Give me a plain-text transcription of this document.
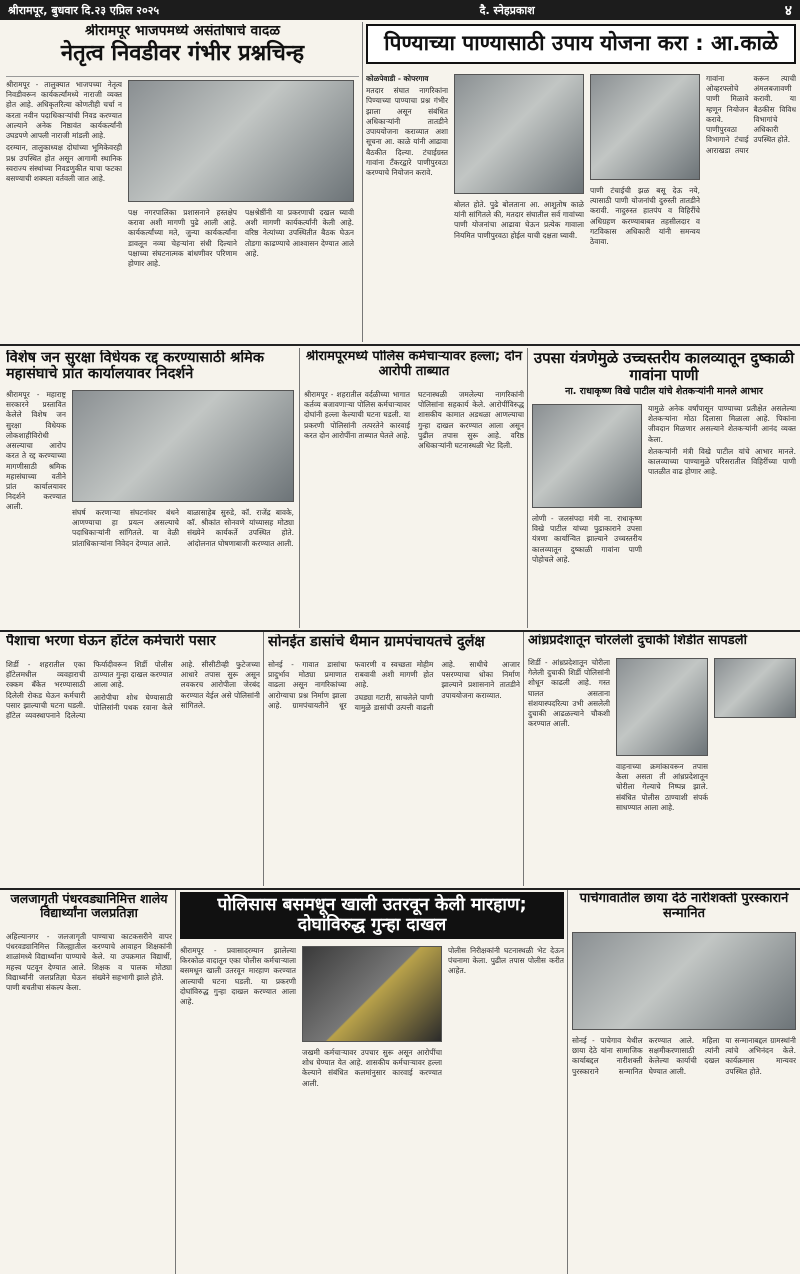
श्रीरामपूर, बुधवार दि.२३ एप्रिल २०२५	दै. स्नेहप्रकाश	४
श्रीरामपूर भाजपमध्ये असंतोषाचे वादळ
नेतृत्व निवडीवर गंभीर प्रश्नचिन्ह

श्रीरामपूर - तालुक्यात भाजपच्या नेतृत्व निवडीवरून कार्यकर्त्यांमध्ये नाराजी व्यक्त होत आहे. अधिकृतरित्या कोणतीही चर्चा न करता नवीन पदाधिकाऱ्यांची निवड करण्यात आल्याने अनेक निष्ठावंत कार्यकर्त्यांनी उघडपणे आपली नाराजी मांडली आहे.

दरम्यान, तालुकाध्यक्ष दोघांच्या भूमिकेवरही प्रश्न उपस्थित होत असून आगामी स्थानिक स्वराज्य संस्थांच्या निवडणुकीत याचा फटका बसण्याची शक्यता वर्तवली जात आहे.

पक्ष नगरपालिका प्रशासनाने हस्तक्षेप करावा अशी मागणी पुढे आली आहे. कार्यकर्त्यांच्या मते, जुन्या कार्यकर्त्यांना डावलून नव्या चेहऱ्यांना संधी दिल्याने पक्षाच्या संघटनात्मक बांधणीवर परिणाम होणार आहे.

पक्षश्रेष्ठींनी या प्रकरणाची दखल घ्यावी अशी मागणी कार्यकर्त्यांनी केली आहे. वरिष्ठ नेत्यांच्या उपस्थितीत बैठक घेऊन तोडगा काढण्याचे आश्वासन देण्यात आले आहे.

पिण्याच्या पाण्यासाठी उपाय योजना करा : आ.काळे

कोळपेवाडी - कोपरगाव

मतदार संघात नागरिकांना पिण्याच्या पाण्याचा प्रश्न गंभीर झाला असून संबंधित अधिकाऱ्यांनी तातडीने उपाययोजना कराव्यात अशा सूचना आ. काळे यांनी आढावा बैठकीत दिल्या. टंचाईग्रस्त गावांना टँकरद्वारे पाणीपुरवठा करण्याचे नियोजन करावे.

बोलत होते. पुढे बोलताना आ. आशुतोष काळे यांनी सांगितले की, मतदार संघातील सर्व गावांच्या पाणी योजनांचा आढावा घेऊन प्रत्येक गावाला नियमित पाणीपुरवठा होईल याची दक्षता घ्यावी.

पाणी टंचाईची झळ बसू देऊ नये, त्यासाठी पाणी योजनांची दुरुस्ती तातडीने करावी. नादुरुस्त हातपंप व विहिरींचे अधिग्रहण करण्याबाबत तहसीलदार व गटविकास अधिकारी यांनी समन्वय ठेवावा.

गावांना ओव्हरफ्लोचे पाणी मिळावे म्हणून नियोजन करावे. पाणीपुरवठा विभागाने टंचाई आराखडा तयार करून त्याची अंमलबजावणी करावी. या बैठकीस विविध विभागांचे अधिकारी उपस्थित होते.

विशेष जन सुरक्षा विधेयक रद्द करण्यासाठी श्रमिक महासंघाचे प्रांत कार्यालयावर निदर्शने

श्रीरामपूर - महाराष्ट्र सरकारने प्रस्तावित केलेले विशेष जन सुरक्षा विधेयक लोकशाहीविरोधी असल्याचा आरोप करत ते रद्द करण्याच्या मागणीसाठी श्रमिक महासंघाच्या वतीने प्रांत कार्यालयावर निदर्शने करण्यात आली.

संघर्ष करणाऱ्या संघटनांवर बंधने आणण्याचा हा प्रयत्न असल्याचे पदाधिकाऱ्यांनी सांगितले. या वेळी प्रांताधिकाऱ्यांना निवेदन देण्यात आले.

बाळासाहेब सुरुडे, कॉ. राजेंद्र बावके, कॉ. श्रीकांत सोनवणे यांच्यासह मोठ्या संख्येने कार्यकर्ते उपस्थित होते. आंदोलनात घोषणाबाजी करण्यात आली.

श्रीरामपूरमध्ये पोलिस कर्मचाऱ्यावर हल्ला; दोन आरोपी ताब्यात

श्रीरामपूर - शहरातील वर्दळीच्या भागात कर्तव्य बजावणाऱ्या पोलिस कर्मचाऱ्यावर दोघांनी हल्ला केल्याची घटना घडली. या प्रकरणी पोलिसांनी तत्परतेने कारवाई करत दोन आरोपींना ताब्यात घेतले आहे.

घटनास्थळी जमलेल्या नागरिकांनी पोलिसांना सहकार्य केले. आरोपींविरुद्ध शासकीय कामात अडथळा आणल्याचा गुन्हा दाखल करण्यात आला असून पुढील तपास सुरू आहे. वरिष्ठ अधिकाऱ्यांनी घटनास्थळी भेट दिली.

उपसा यंत्रणेमुळे उच्चस्तरीय कालव्यातून दुष्काळी गावांना पाणी
ना. राधाकृष्ण विखे पाटील यांचे शेतकऱ्यांनी मानले आभार

लोणी - जलसंपदा मंत्री ना. राधाकृष्ण विखे पाटील यांच्या पुढाकाराने उपसा यंत्रणा कार्यान्वित झाल्याने उच्चस्तरीय कालव्यातून दुष्काळी गावांना पाणी पोहोचले आहे.

यामुळे अनेक वर्षांपासून पाण्याच्या प्रतीक्षेत असलेल्या शेतकऱ्यांना मोठा दिलासा मिळाला आहे. पिकांना जीवदान मिळणार असल्याने शेतकऱ्यांनी आनंद व्यक्त केला.

शेतकऱ्यांनी मंत्री विखे पाटील यांचे आभार मानले. कालव्याच्या पाण्यामुळे परिसरातील विहिरींच्या पाणी पातळीत वाढ होणार आहे.

पैशाचा भरणा घेऊन हॉटेल कर्मचारी पसार

शिर्डी - शहरातील एका हॉटेलमधील व्यवहाराची रक्कम बँकेत भरण्यासाठी दिलेली रोकड घेऊन कर्मचारी पसार झाल्याची घटना घडली. हॉटेल व्यवस्थापनाने दिलेल्या फिर्यादीवरून शिर्डी पोलीस ठाण्यात गुन्हा दाखल करण्यात आला आहे.

आरोपीचा शोध घेण्यासाठी पोलिसांनी पथक रवाना केले आहे. सीसीटीव्ही फुटेजच्या आधारे तपास सुरू असून लवकरच आरोपीला जेरबंद करण्यात येईल असे पोलिसांनी सांगितले.

सोनईत डासांचे थैमान ग्रामपंचायतचे दुर्लक्ष

सोनई - गावात डासांचा प्रादुर्भाव मोठ्या प्रमाणात वाढला असून नागरिकांच्या आरोग्याचा प्रश्न निर्माण झाला आहे. ग्रामपंचायतीने धूर फवारणी व स्वच्छता मोहीम राबवावी अशी मागणी होत आहे.

उघड्या गटारी, साचलेले पाणी यामुळे डासांची उत्पत्ती वाढली आहे. साथीचे आजार पसरण्याचा धोका निर्माण झाल्याने प्रशासनाने तातडीने उपाययोजना कराव्यात.

आंध्रप्रदेशातून चोरलेली दुचाकी शिर्डीत सापडली

शिर्डी - आंध्रप्रदेशातून चोरीला गेलेली दुचाकी शिर्डी पोलिसांनी शोधून काढली आहे. गस्त घालत असताना संशयास्पदरित्या उभी असलेली दुचाकी आढळल्याने चौकशी करण्यात आली.

वाहनाच्या क्रमांकावरून तपास केला असता ती आंध्रप्रदेशातून चोरीला गेल्याचे निष्पन्न झाले. संबंधित पोलीस ठाण्याशी संपर्क साधण्यात आला आहे.

जलजागृती पंधरवड्यानिमित्त शालेय विद्यार्थ्यांना जलप्रतिज्ञा

अहिल्यानगर - जलजागृती पंधरवड्यानिमित्त जिल्ह्यातील शाळांमध्ये विद्यार्थ्यांना पाण्याचे महत्त्व पटवून देण्यात आले. विद्यार्थ्यांनी जलप्रतिज्ञा घेऊन पाणी बचतीचा संकल्प केला.

पाण्याचा काटकसरीने वापर करण्याचे आवाहन शिक्षकांनी केले. या उपक्रमात विद्यार्थी, शिक्षक व पालक मोठ्या संख्येने सहभागी झाले होते.

पोलिसास बसमधून खाली उतरवून केली मारहाण; दोघांविरुद्ध गुन्हा दाखल

श्रीरामपूर - प्रवासादरम्यान झालेल्या किरकोळ वादातून एका पोलीस कर्मचाऱ्याला बसमधून खाली उतरवून मारहाण करण्यात आल्याची घटना घडली. या प्रकरणी दोघांविरुद्ध गुन्हा दाखल करण्यात आला आहे.

जखमी कर्मचाऱ्यावर उपचार सुरू असून आरोपींचा शोध घेण्यात येत आहे. शासकीय कर्मचाऱ्यावर हल्ला केल्याने संबंधित कलमांनुसार कारवाई करण्यात आली.

पोलीस निरीक्षकांनी घटनास्थळी भेट देऊन पंचनामा केला. पुढील तपास पोलीस करीत आहेत.

पाचेगावातील छाया देठे नारीशक्ती पुरस्काराने सन्मानित

सोनई - पाचेगाव येथील छाया देठे यांना सामाजिक कार्याबद्दल नारीशक्ती पुरस्काराने सन्मानित करण्यात आले. महिला सक्षमीकरणासाठी त्यांनी केलेल्या कार्याची दखल घेण्यात आली.

या सन्मानाबद्दल ग्रामस्थांनी त्यांचे अभिनंदन केले. कार्यक्रमास मान्यवर उपस्थित होते.
